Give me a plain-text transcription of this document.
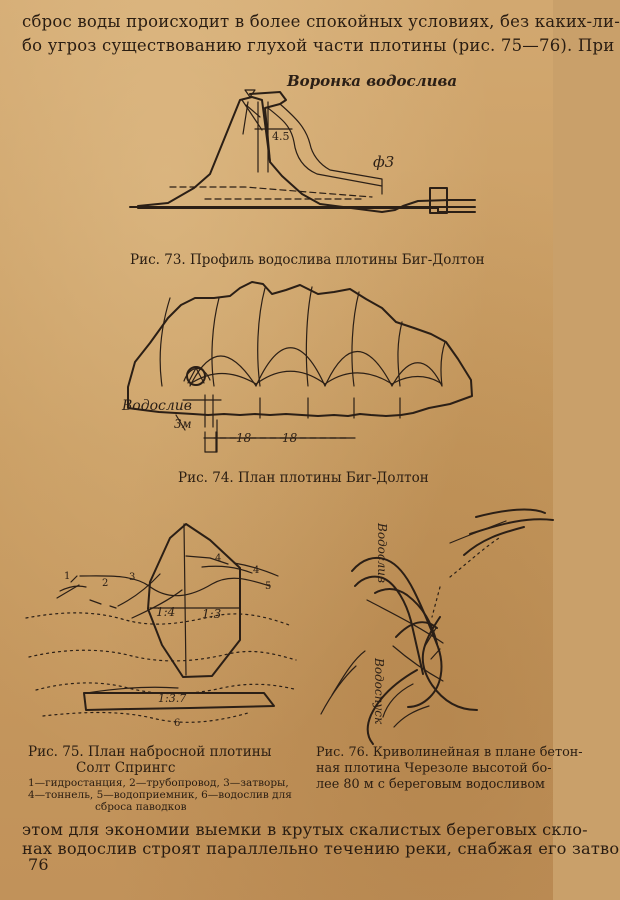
сброс воды происходит в более спокойных условиях, без каких-ли-
бо угроз существованию глухой части плотины (рис. 75—76). При
Воронка водослива
4.5
ф3
Рис. 73. Профиль водослива плотины Биг-Долтон
Водослив
3м
18	18
Рис. 74. План плотины Биг-Долтон
1
2
3
4
4
5
6
1:4 1:3
1:3.7
Водослив
Водоспуск
Рис. 75. План набросной плотины
Солт Спрингс
1—гидростанция, 2—трубопровод, 3—затворы,
4—тоннель, 5—водоприемник, 6—водослив для
сброса паводков
Рис. 76. Криволинейная в плане бетон-
ная плотина Черезоле высотой бо-
лее 80 м с береговым водосливом
этом для экономии выемки в крутых скалистых береговых скло-
нах водослив строят параллельно течению реки, снабжая его затво
76
